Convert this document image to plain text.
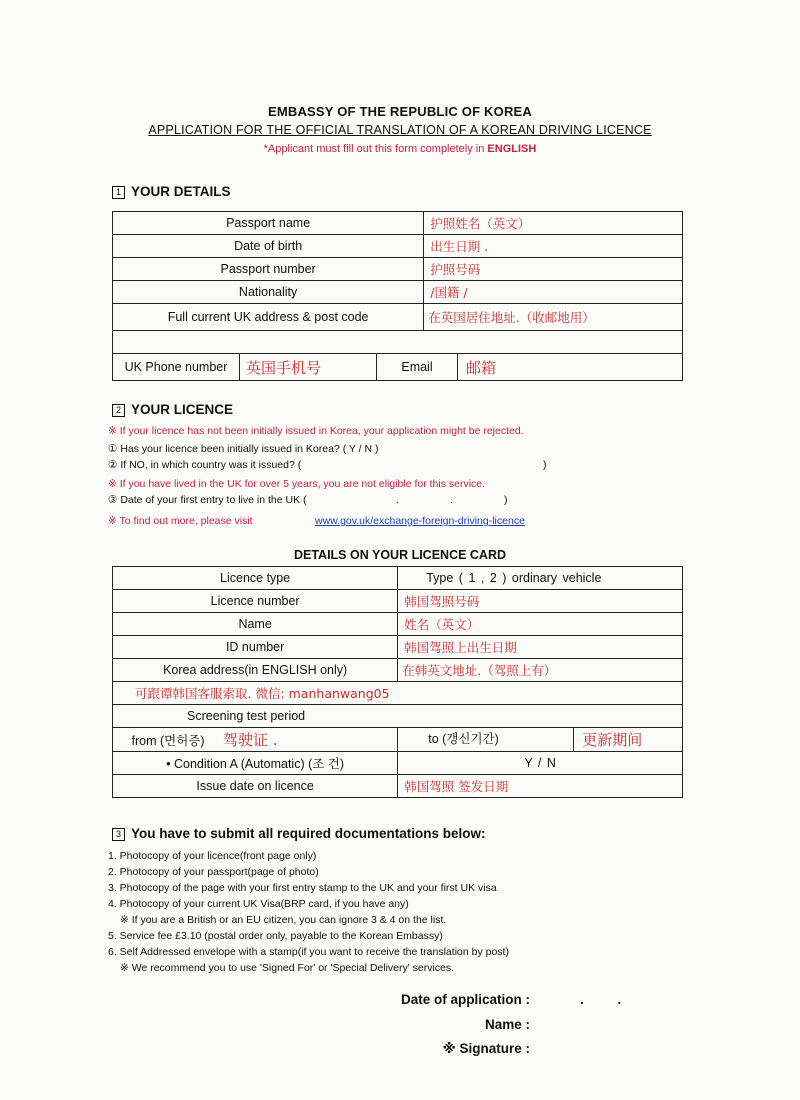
EMBASSY OF THE REPUBLIC OF KOREA
APPLICATION FOR THE OFFICIAL TRANSLATION OF A KOREAN DRIVING LICENCE
*Applicant must fill out this form completely in ENGLISH
1 YOUR DETAILS
Passport name	护照姓名（英文）
Date of birth	出生日期 .
Passport number	护照号码
Nationality	/国籍 /
Full current UK address & post code	在英国居住地址.（收邮地用）

UK Phone number 英国手机号 Email 邮箱	
2 YOUR LICENCE
※ If your licence has not been initially issued in Korea, your application might be rejected.
① Has your licence been initially issued in Korea? ( Y / N )
② If NO, in which country was it issued? (	)
※ If you have lived in the UK for over 5 years, you are not eligible for this service.
③ Date of your first entry to live in the UK (	. .	)
※ To find out more, please visit	www.gov.uk/exchange-foreign-driving-licence
DETAILS ON YOUR LICENCE CARD
Licence type	Type ( 1 , 2 ) ordinary vehicle
Licence number	韩国驾照号码
Name	姓名（英文）
ID number	韩国驾照上出生日期
Korea address(in ENGLISH only)	在韩英文地址.（驾照上有）
可跟谭韩国客服索取. 微信: manhanwang05	
Screening test period	

from (면허증) 驾驶证 .	to (갱신기간) 更新期间

• Condition A (Automatic) (조 건)	Y / N
Issue date on licence	韩国驾照 签发日期
3 You have to submit all required documentations below:
1. Photocopy of your licence(front page only)
2. Photocopy of your passport(page of photo)
3. Photocopy of the page with your first entry stamp to the UK and your first UK visa
4. Photocopy of your current UK Visa(BRP card, if you have any)
※ If you are a British or an EU citizen, you can ignore 3 & 4 on the list.
5. Service fee £3.10 (postal order only, payable to the Korean Embassy)
6. Self Addressed envelope with a stamp(if you want to receive the translation by post)
※ We recommend you to use 'Signed For' or 'Special Delivery' services.
Date of application :	. .
Name :
※ Signature :
